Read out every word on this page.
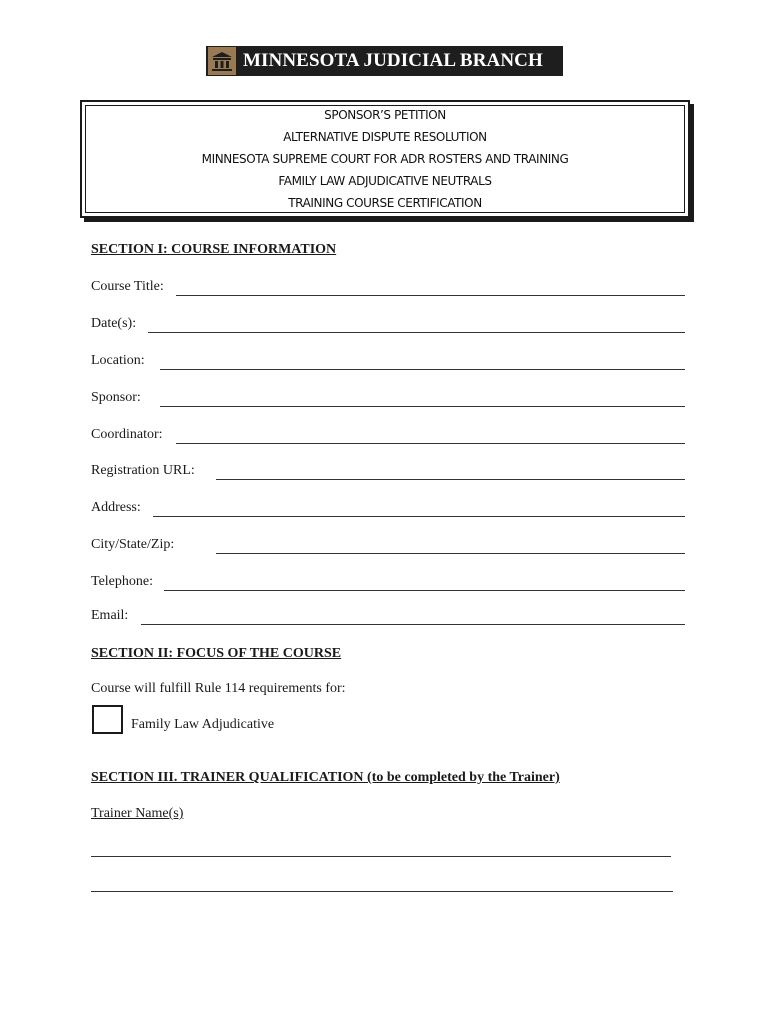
MINNESOTA JUDICIAL BRANCH
SPONSOR’S PETITION
ALTERNATIVE DISPUTE RESOLUTION
MINNESOTA SUPREME COURT FOR ADR ROSTERS AND TRAINING
FAMILY LAW ADJUDICATIVE NEUTRALS
TRAINING COURSE CERTIFICATION
SECTION I: COURSE INFORMATION
Course Title:
Date(s):
Location:
Sponsor:
Coordinator:
Registration URL:
Address:
City/State/Zip:
Telephone:
Email:
SECTION II: FOCUS OF THE COURSE
Course will fulfill Rule 114 requirements for:
Family Law Adjudicative
SECTION III. TRAINER QUALIFICATION (to be completed by the Trainer)
Trainer Name(s)
